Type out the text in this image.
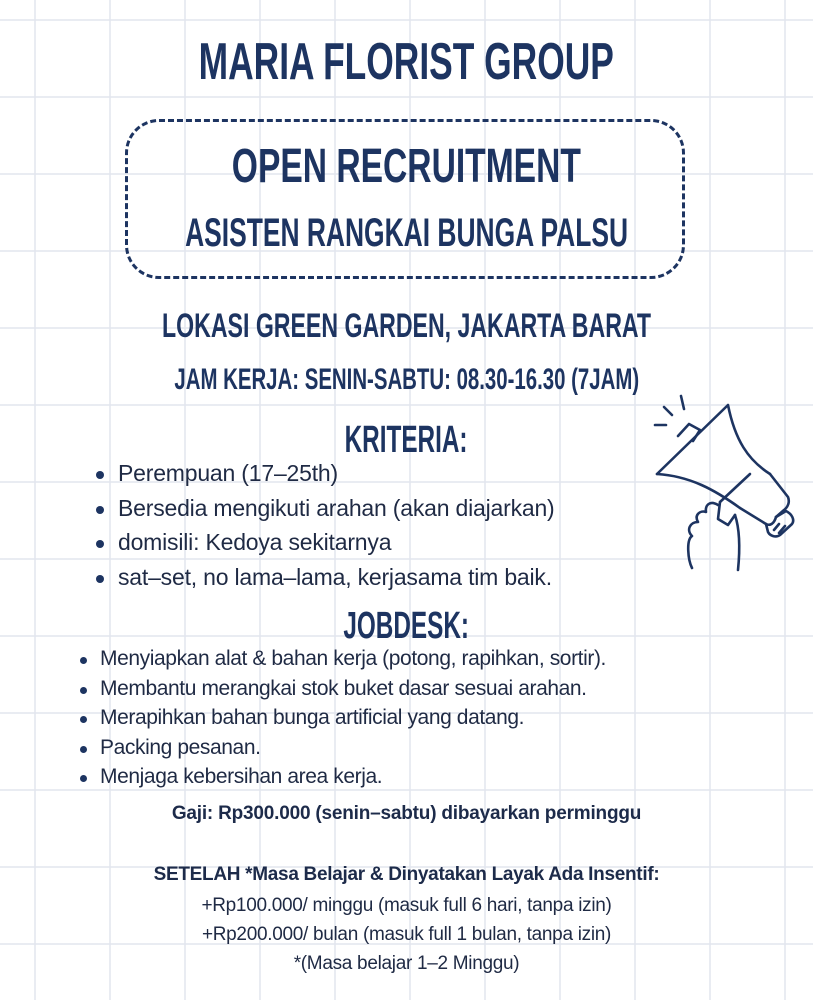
MARIA FLORIST GROUP
OPEN RECRUITMENT
ASISTEN RANGKAI BUNGA PALSU
LOKASI GREEN GARDEN, JAKARTA BARAT
JAM KERJA: SENIN-SABTU: 08.30-16.30 (7JAM)
KRITERIA:
Perempuan (17–25th)
Bersedia mengikuti arahan (akan diajarkan)
domisili: Kedoya sekitarnya
sat–set, no lama–lama, kerjasama tim baik.
JOBDESK:
Menyiapkan alat & bahan kerja (potong, rapihkan, sortir).
Membantu merangkai stok buket dasar sesuai arahan.
Merapihkan bahan bunga artificial yang datang.
Packing pesanan.
Menjaga kebersihan area kerja.
Gaji: Rp300.000 (senin–sabtu) dibayarkan perminggu
SETELAH *Masa Belajar & Dinyatakan Layak Ada Insentif:
+Rp100.000/ minggu (masuk full 6 hari, tanpa izin)
+Rp200.000/ bulan (masuk full 1 bulan, tanpa izin)
*(Masa belajar 1–2 Minggu)
